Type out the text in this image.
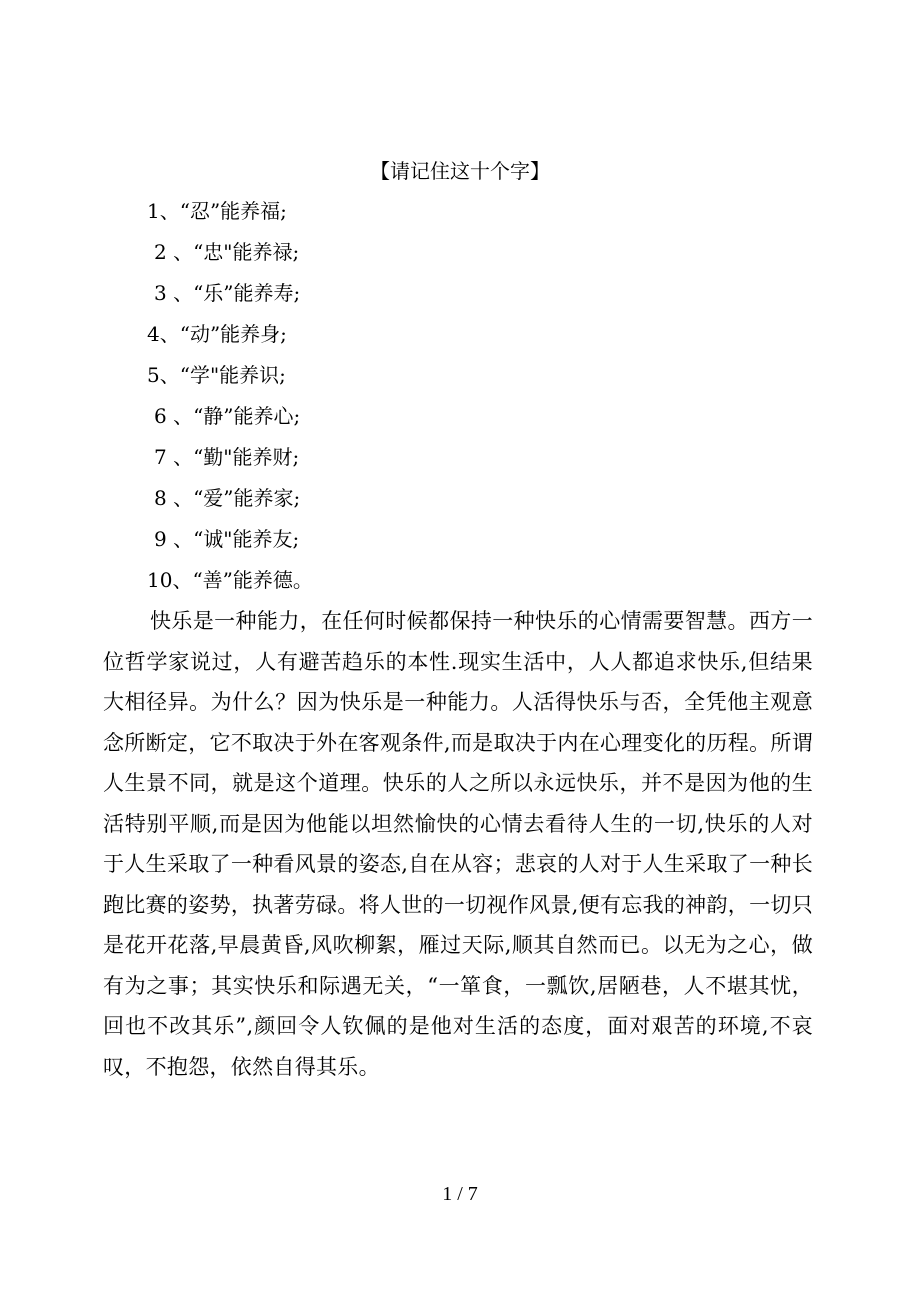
【请记住这十个字】
1、“忍”能养福;
2 、“忠"能养禄;
3 、“乐”能养寿;
4、“动”能养身;
5、“学"能养识;
6 、“静”能养心;
7 、“勤"能养财;
8 、“爱”能养家;
9 、“诚"能养友;
10、“善”能养德。
快乐是一种能力，在任何时候都保持一种快乐的心情需要智慧。西方一位哲学家说过，人有避苦趋乐的本性.现实生活中，人人都追求快乐,但结果大相径异。为什么？因为快乐是一种能力。人活得快乐与否，全凭他主观意念所断定，它不取决于外在客观条件,而是取决于内在心理变化的历程。所谓人生景不同，就是这个道理。快乐的人之所以永远快乐，并不是因为他的生活特别平顺,而是因为他能以坦然愉快的心情去看待人生的一切,快乐的人对于人生采取了一种看风景的姿态,自在从容；悲哀的人对于人生采取了一种长跑比赛的姿势，执著劳碌。将人世的一切视作风景,便有忘我的神韵，一切只是花开花落,早晨黄昏,风吹柳絮，雁过天际,顺其自然而已。以无为之心，做有为之事；其实快乐和际遇无关，“一箪食，一瓢饮,居陋巷，人不堪其忧，回也不改其乐”,颜回令人钦佩的是他对生活的态度，面对艰苦的环境,不哀叹，不抱怨，依然自得其乐。
1 / 7
